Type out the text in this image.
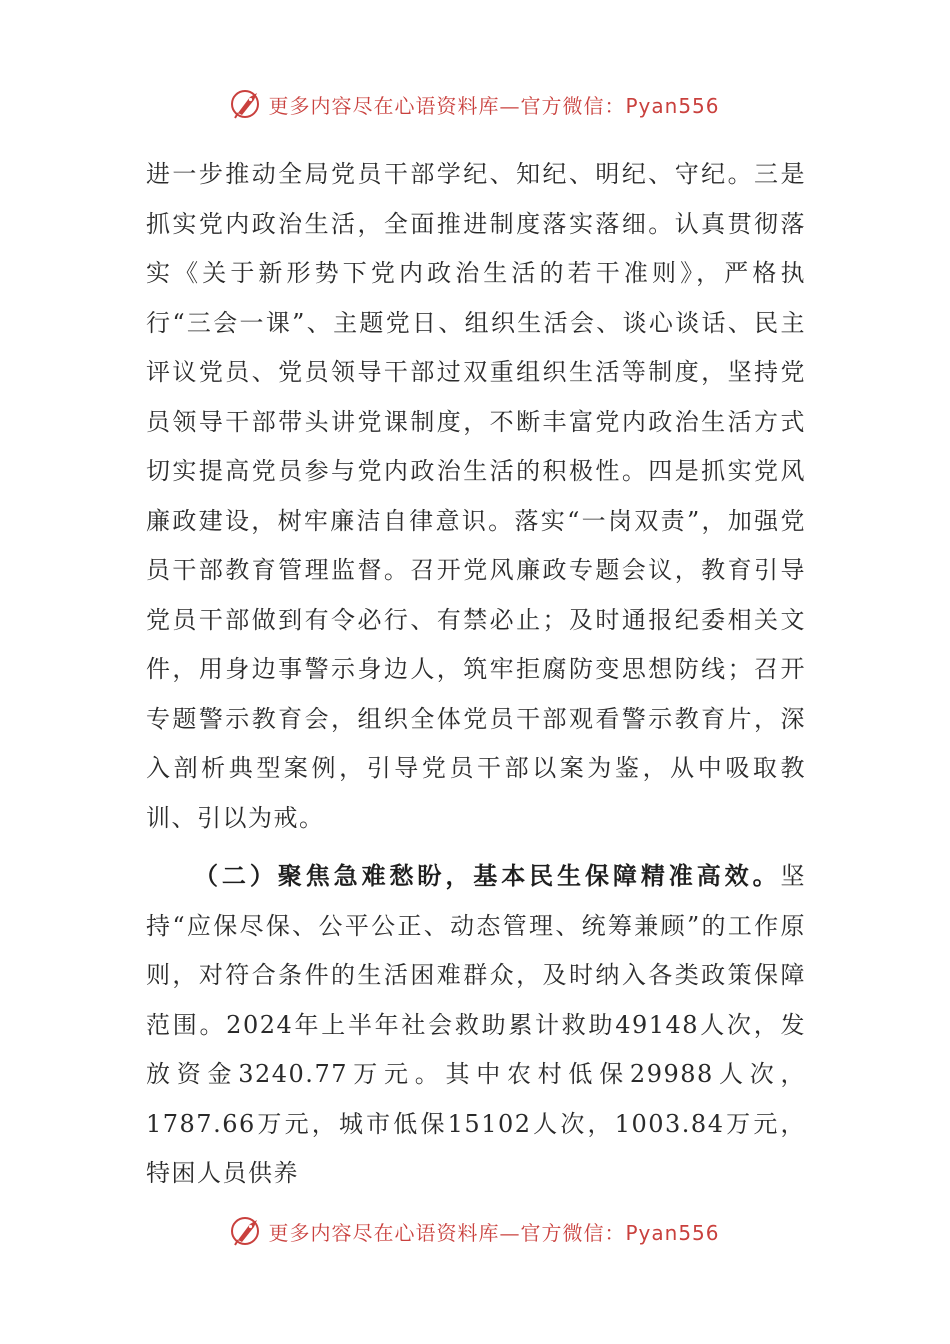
更多内容尽在心语资料库—官方微信：Pyan556

进一步推动全局党员干部学纪、知纪、明纪、守纪。三是抓实党内政治生活，全面推进制度落实落细。认真贯彻落实《关于新形势下党内政治生活的若干准则》，严格执行“三会一课”、主题党日、组织生活会、谈心谈话、民主评议党员、党员领导干部过双重组织生活等制度，坚持党员领导干部带头讲党课制度，不断丰富党内政治生活方式切实提高党员参与党内政治生活的积极性。四是抓实党风廉政建设，树牢廉洁自律意识。落实“一岗双责”，加强党员干部教育管理监督。召开党风廉政专题会议，教育引导党员干部做到有令必行、有禁必止；及时通报纪委相关文件，用身边事警示身边人，筑牢拒腐防变思想防线；召开专题警示教育会，组织全体党员干部观看警示教育片，深入剖析典型案例，引导党员干部以案为鉴，从中吸取教训、引以为戒。

（二）聚焦急难愁盼，基本民生保障精准高效。坚持“应保尽保、公平公正、动态管理、统筹兼顾”的工作原则，对符合条件的生活困难群众，及时纳入各类政策保障范围。2024年上半年社会救助累计救助49148人次，发放资金3240.77万元。其中农村低保29988人次，1787.66万元，城市低保15102人次，1003.84万元，特困人员供养

更多内容尽在心语资料库—官方微信：Pyan556
